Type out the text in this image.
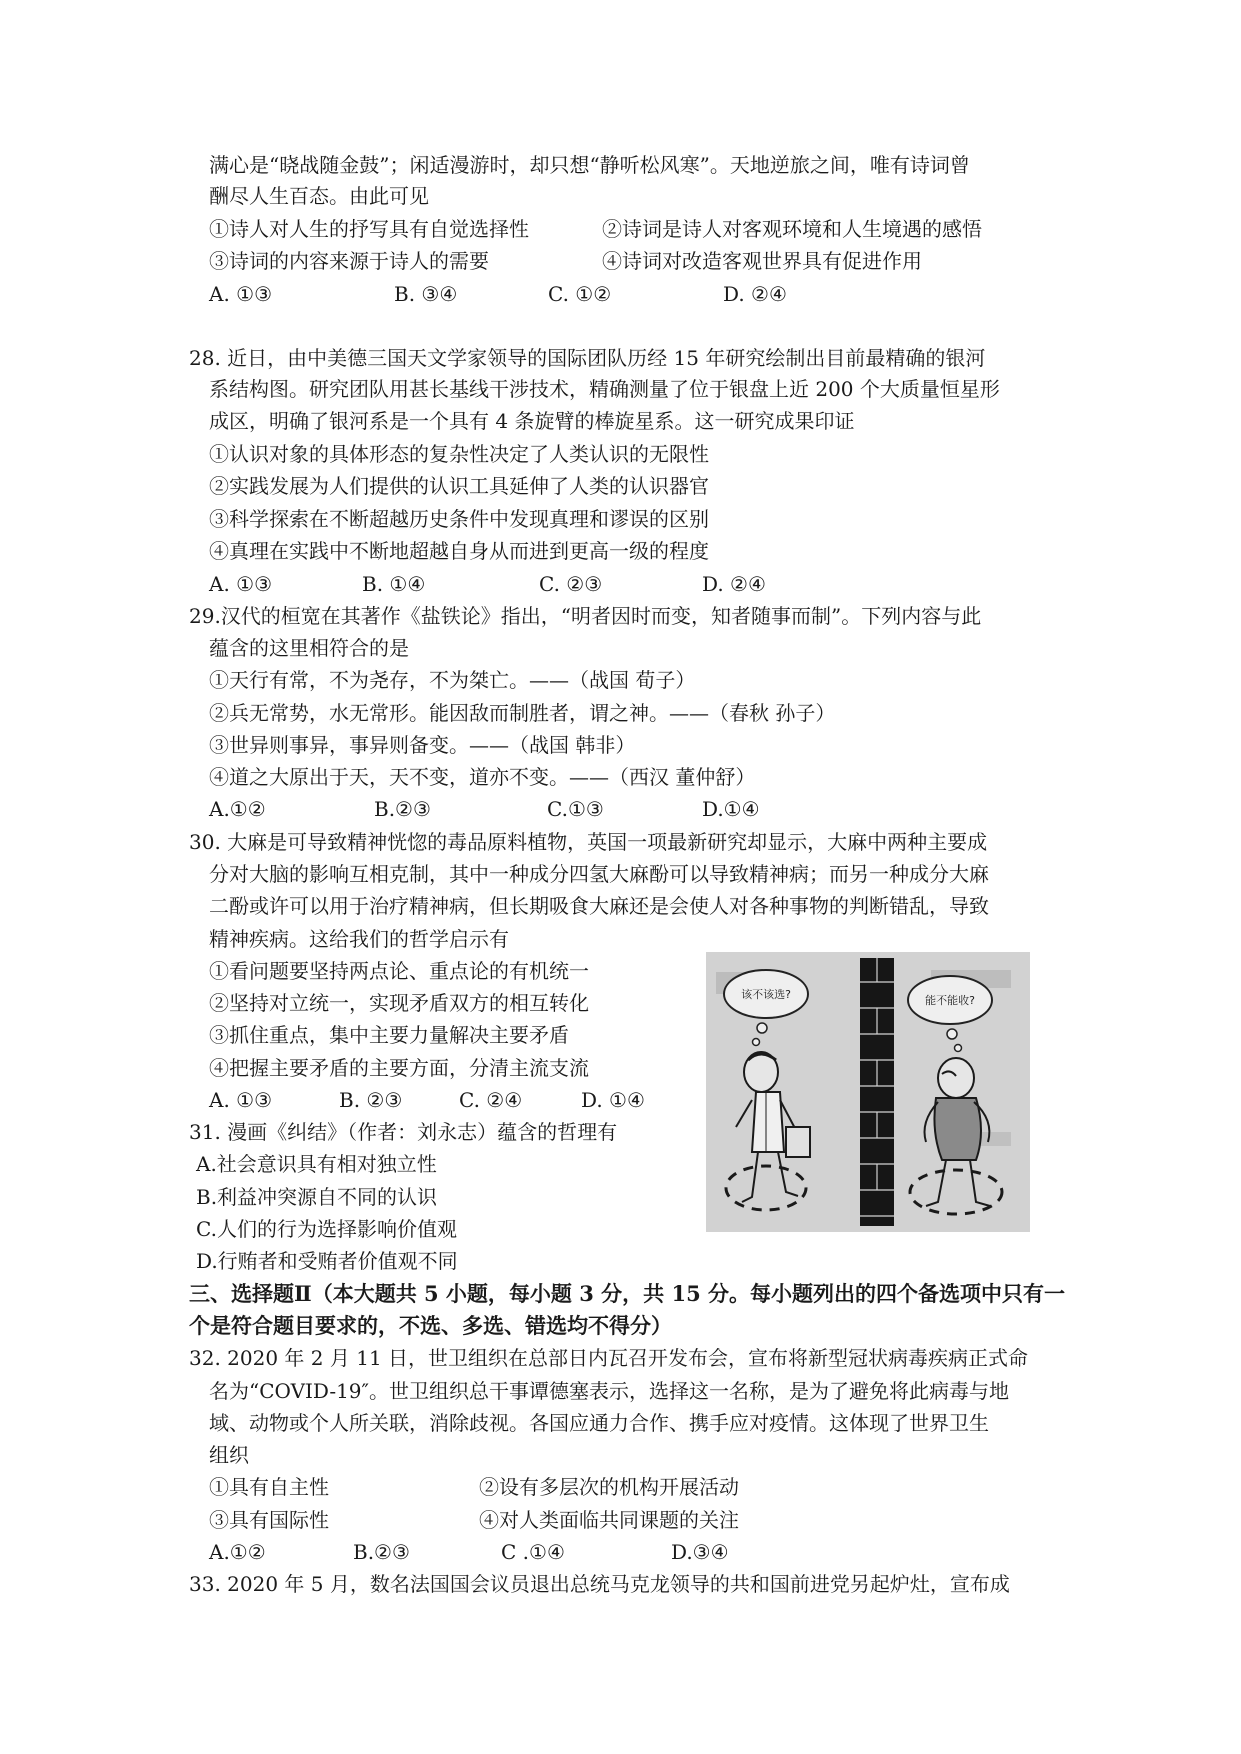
满心是“晓战随金鼓”；闲适漫游时，却只想“静听松风寒”。天地逆旅之间，唯有诗词曾
酬尽人生百态。由此可见
①诗人对人生的抒写具有自觉选择性	②诗词是诗人对客观环境和人生境遇的感悟
③诗词的内容来源于诗人的需要	④诗词对改造客观世界具有促进作用
A. ①③	B. ③④	C. ①②	D. ②④
28. 近日，由中美德三国天文学家领导的国际团队历经 15 年研究绘制出目前最精确的银河
系结构图。研究团队用甚长基线干涉技术，精确测量了位于银盘上近 200 个大质量恒星形
成区，明确了银河系是一个具有 4 条旋臂的棒旋星系。这一研究成果印证
①认识对象的具体形态的复杂性决定了人类认识的无限性
②实践发展为人们提供的认识工具延伸了人类的认识器官
③科学探索在不断超越历史条件中发现真理和谬误的区别
④真理在实践中不断地超越自身从而进到更高一级的程度
A. ①③	B. ①④	C. ②③	D. ②④
29.汉代的桓宽在其著作《盐铁论》指出，“明者因时而变，知者随事而制”。下列内容与此
蕴含的这里相符合的是
①天行有常，不为尧存，不为桀亡。——（战国 荀子）
②兵无常势，水无常形。能因敌而制胜者，谓之神。——（春秋 孙子）
③世异则事异，事异则备变。——（战国 韩非）
④道之大原出于天，天不变，道亦不变。——（西汉 董仲舒）
A.①②	B.②③	C.①③	D.①④
30. 大麻是可导致精神恍惚的毒品原料植物，英国一项最新研究却显示，大麻中两种主要成
分对大脑的影响互相克制，其中一种成分四氢大麻酚可以导致精神病；而另一种成分大麻
二酚或许可以用于治疗精神病，但长期吸食大麻还是会使人对各种事物的判断错乱，导致
精神疾病。这给我们的哲学启示有
①看问题要坚持两点论、重点论的有机统一
②坚持对立统一，实现矛盾双方的相互转化
③抓住重点，集中主要力量解决主要矛盾
④把握主要矛盾的主要方面，分清主流支流
A. ①③	B. ②③	C. ②④	D. ①④
31. 漫画《纠结》（作者：刘永志）蕴含的哲理有
A.社会意识具有相对独立性
B.利益冲突源自不同的认识
C.人们的行为选择影响价值观
D.行贿者和受贿者价值观不同
该不该选?	能不能收?
三、选择题Ⅱ（本大题共 5 小题，每小题 3 分，共 15 分。每小题列出的四个备选项中只有一
个是符合题目要求的，不选、多选、错选均不得分）
32. 2020 年 2 月 11 日，世卫组织在总部日内瓦召开发布会，宣布将新型冠状病毒疾病正式命
名为“COVID-19″。世卫组织总干事谭德塞表示，选择这一名称，是为了避免将此病毒与地
域、动物或个人所关联，消除歧视。各国应通力合作、携手应对疫情。这体现了世界卫生
组织
①具有自主性	②设有多层次的机构开展活动
③具有国际性	④对人类面临共同课题的关注
A.①②	B.②③	C .①④	D.③④
33. 2020 年 5 月，数名法国国会议员退出总统马克龙领导的共和国前进党另起炉灶，宣布成
